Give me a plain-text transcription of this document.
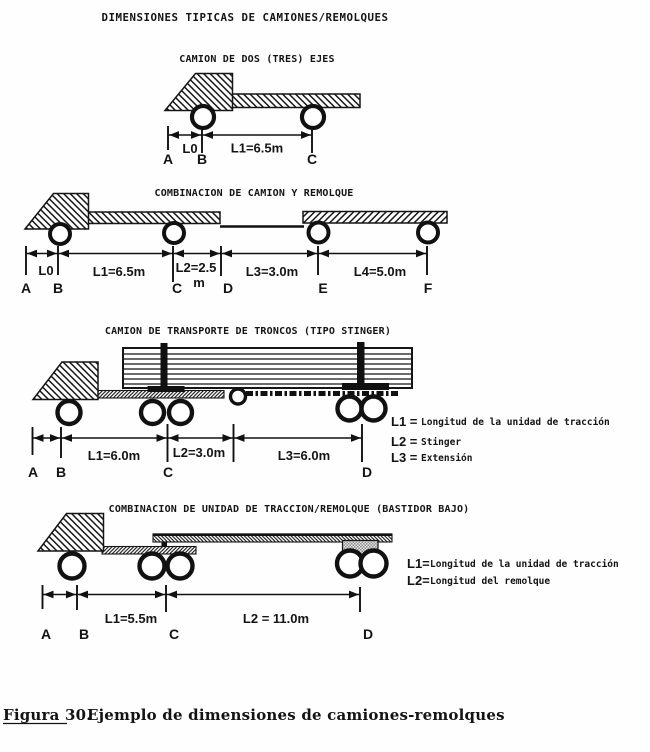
DIMENSIONES TIPICAS DE CAMIONES/REMOLQUES
CAMION DE DOS (TRES) EJES
L0	L1=6.5m
A B	C
COMBINACION DE CAMION Y REMOLQUE
L0	L1=6.5m L2=2.5
m
L3=3.0m	L4=5.0m
A B	C	D	E	F
CAMION DE TRANSPORTE DE TRONCOS (TIPO STINGER)
L1=6.0m	L2=3.0m	L3=6.0m
A B	C	D
L1 = Longitud de la unidad de tracción
L2 = Stinger
L3 = Extensión
COMBINACION DE UNIDAD DE TRACCION/REMOLQUE (BASTIDOR BAJO)
L1=5.5m	L2 = 11.0m
A B	C	D
L1= Longitud de la unidad de tracción
L2= Longitud del remolque
Figura 30.
Ejemplo de dimensiones de camiones-remolques
